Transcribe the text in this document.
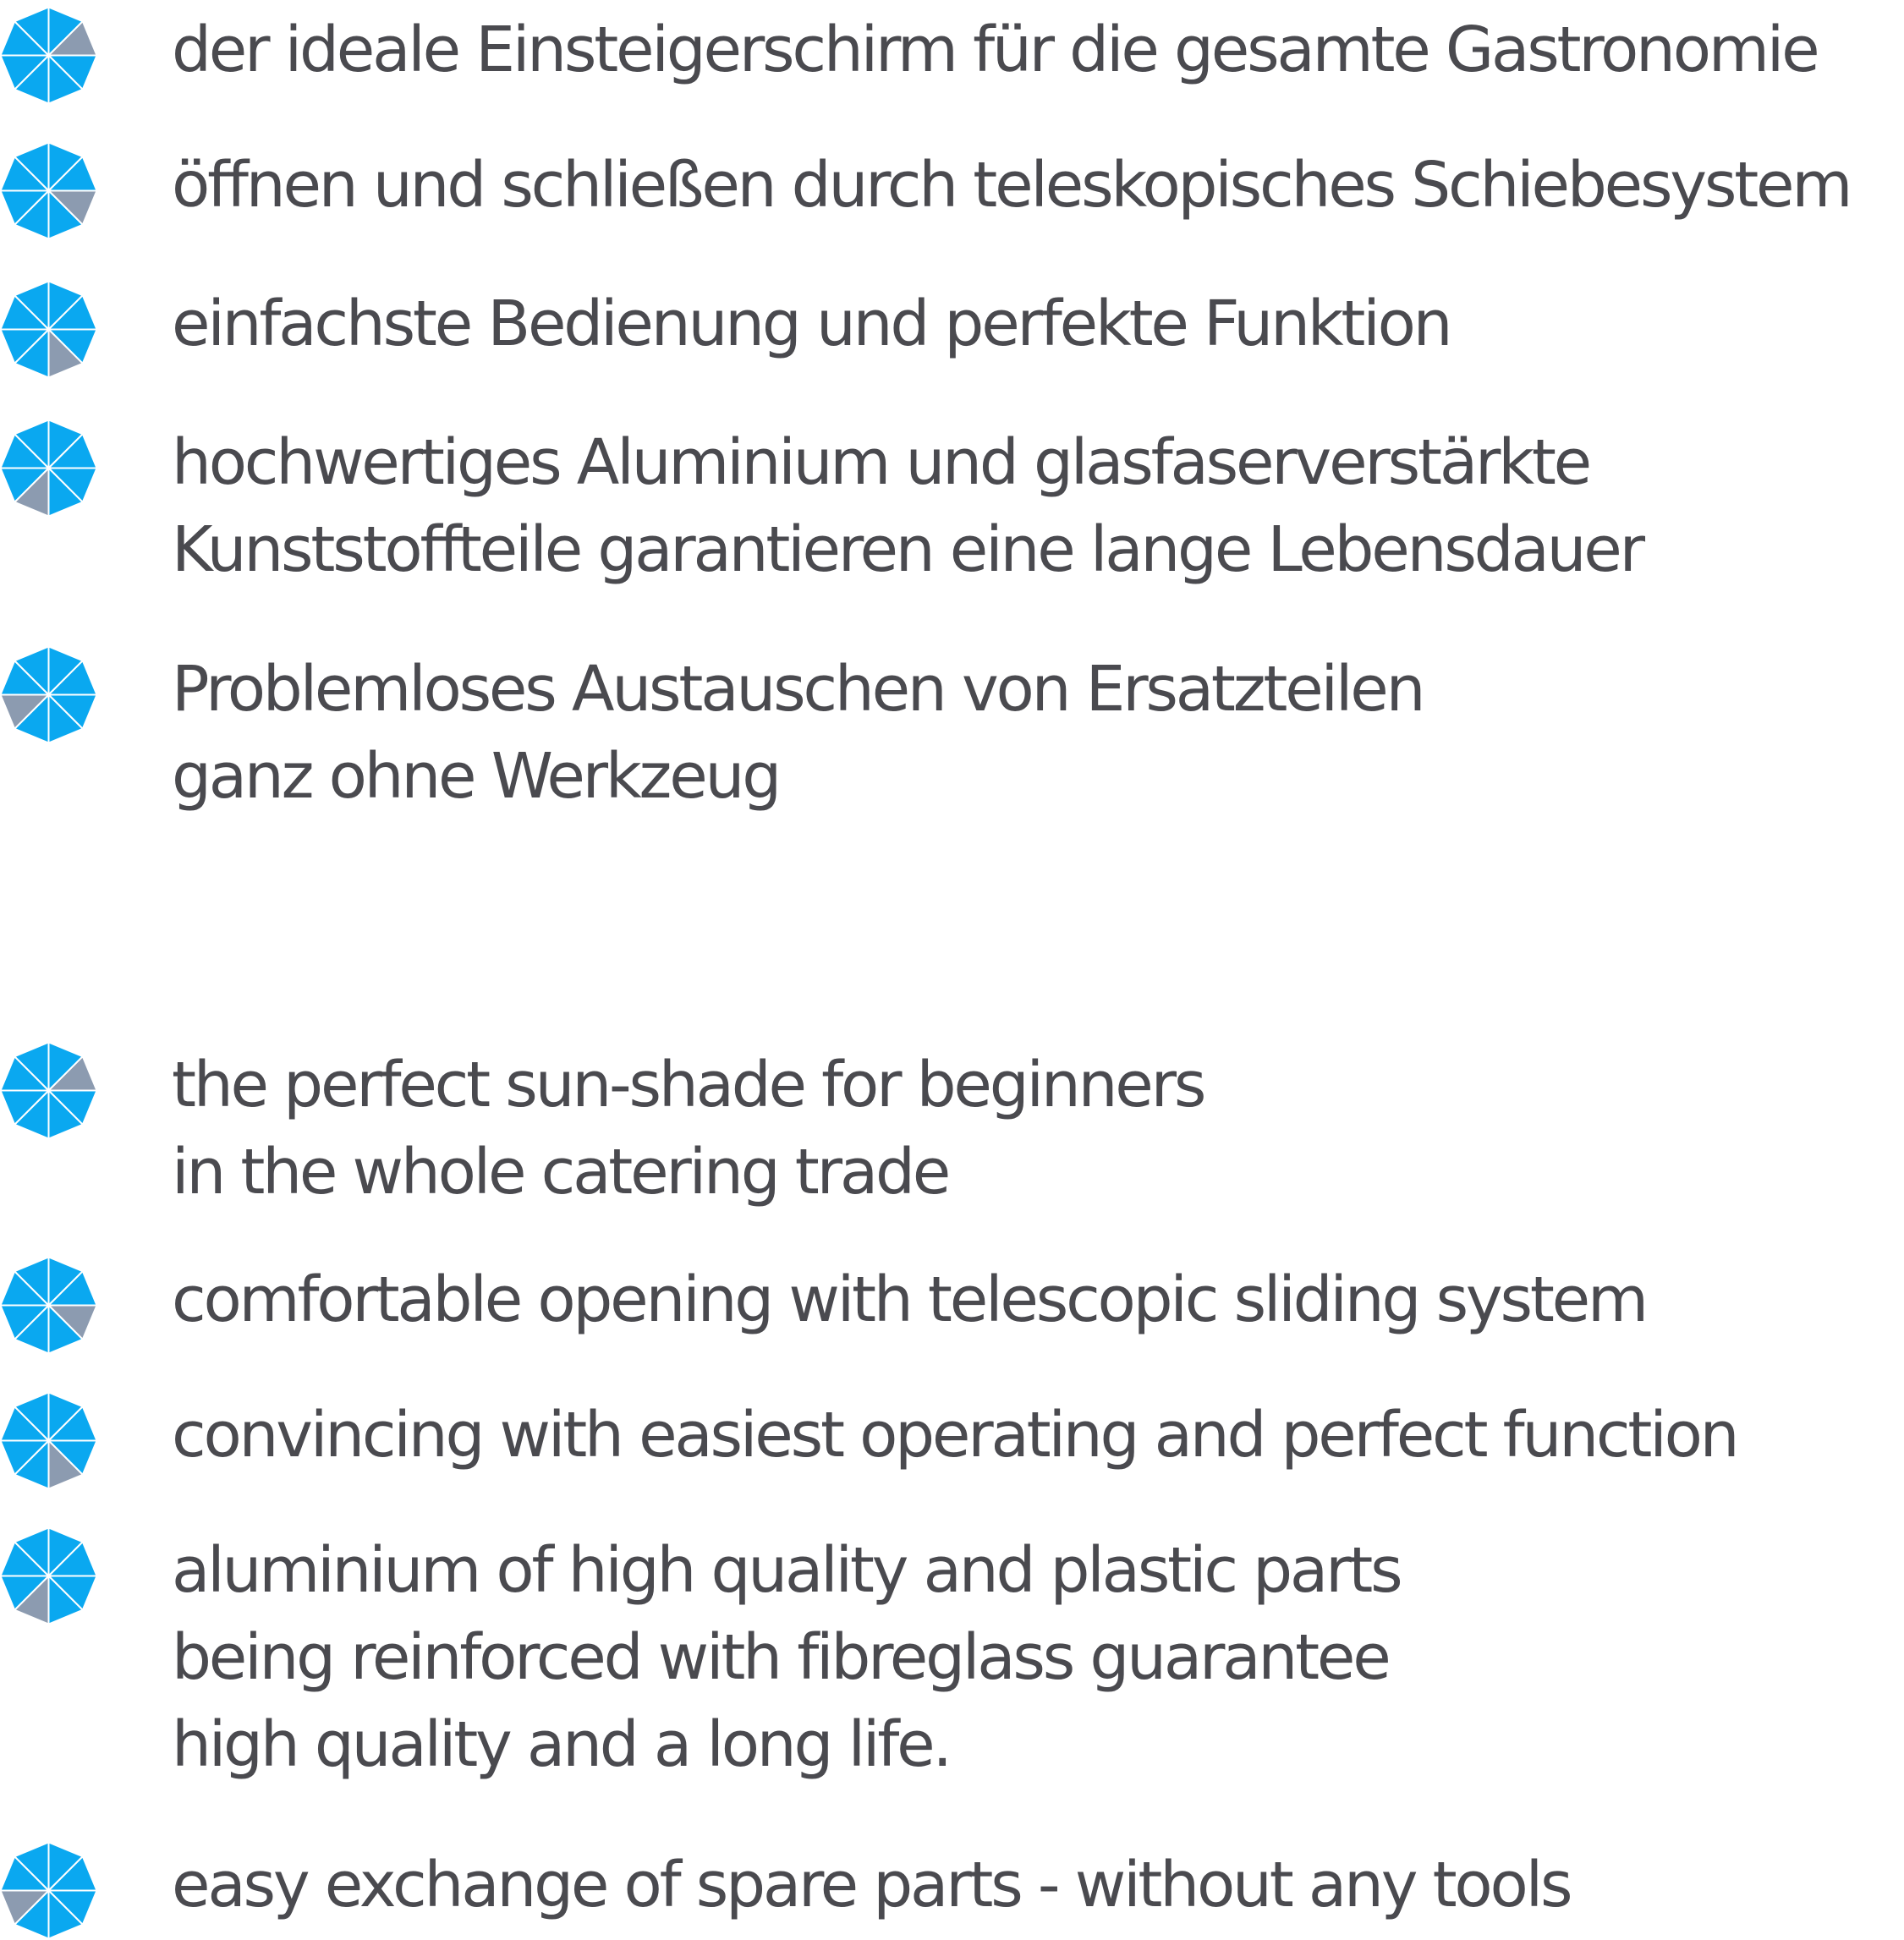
der ideale Einsteigerschirm für die gesamte Gastronomie
öffnen und schließen durch teleskopisches Schiebesystem
einfachste Bedienung und perfekte Funktion
hochwertiges Aluminium und glasfaserverstärkte
Kunststoffteile garantieren eine lange Lebensdauer
Problemloses Austauschen von Ersatzteilen
ganz ohne Werkzeug
the perfect sun-shade for beginners
in the whole catering trade
comfortable opening with telescopic sliding system
convincing with easiest operating and perfect function
aluminium of high quality and plastic parts
being reinforced with fibreglass guarantee
high quality and a long life.
easy exchange of spare parts - without any tools
